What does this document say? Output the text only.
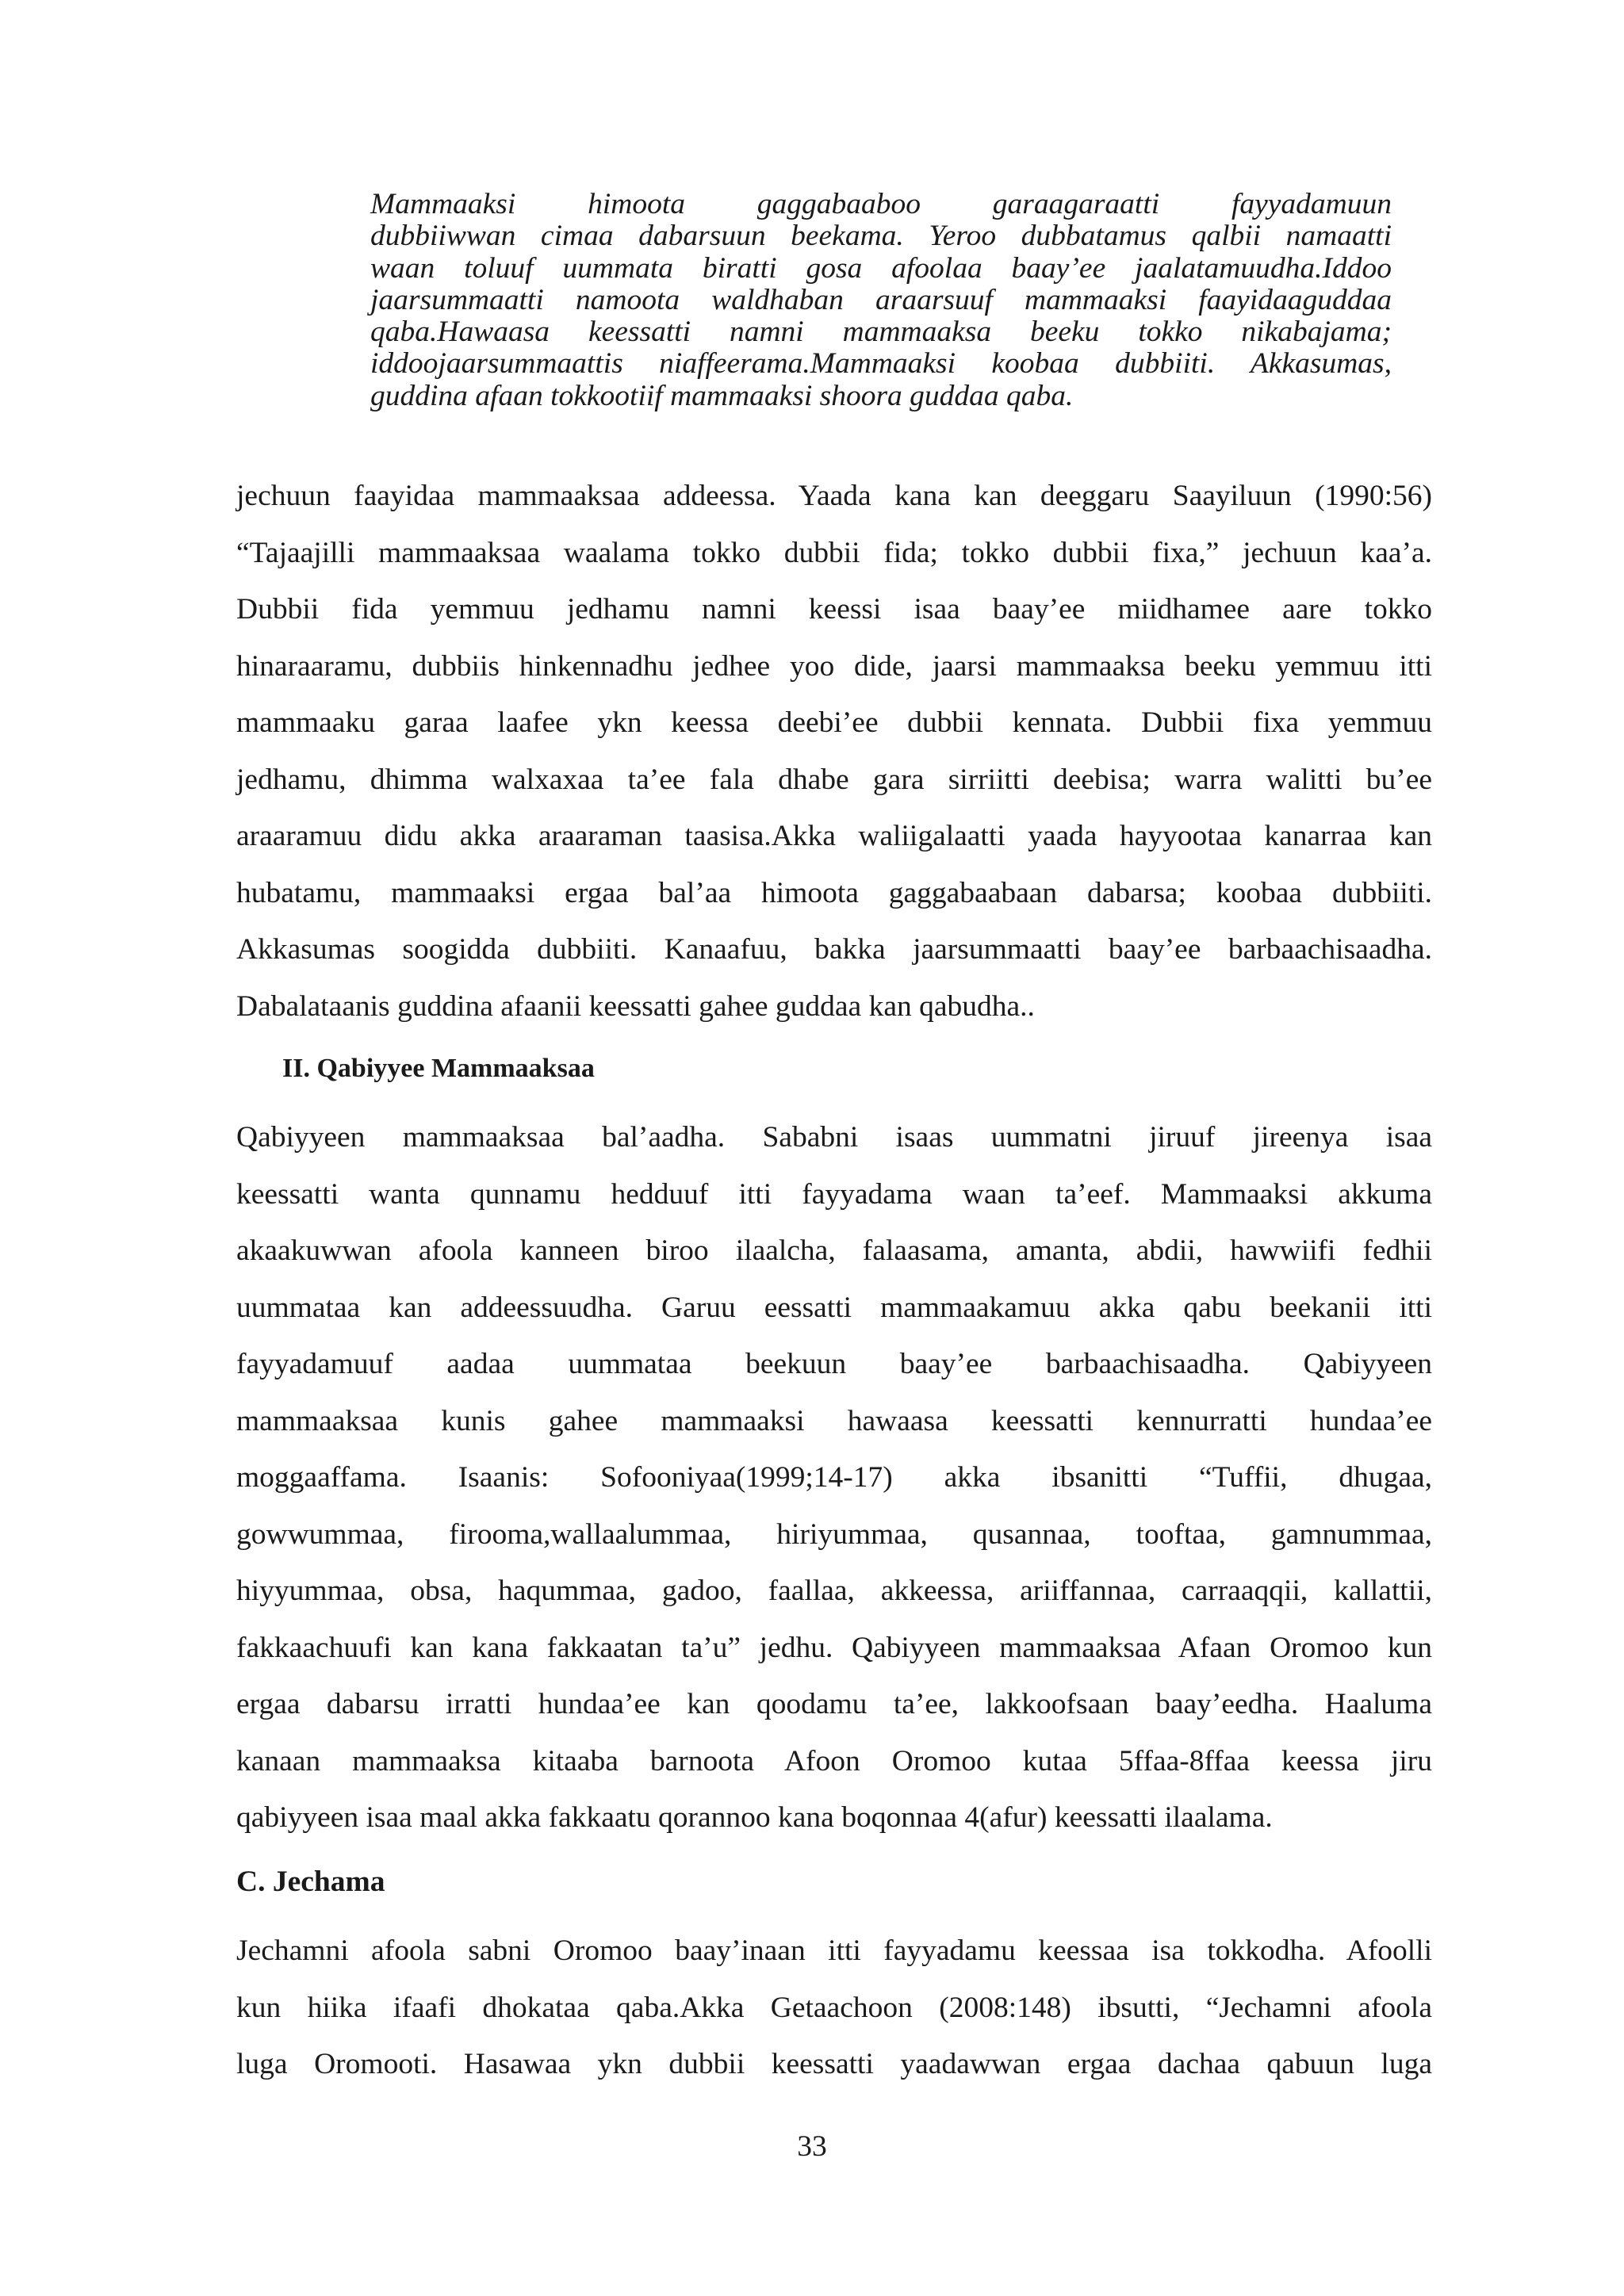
Mammaaksi himoota gaggabaaboo garaagaraatti fayyadamuun
dubbiiwwan cimaa dabarsuun beekama. Yeroo dubbatamus qalbii namaatti
waan toluuf uummata biratti gosa afoolaa baay’ee jaalatamuudha.Iddoo
jaarsummaatti namoota waldhaban araarsuuf mammaaksi faayidaaguddaa
qaba.Hawaasa keessatti namni mammaaksa beeku tokko nikabajama;
iddoojaarsummaattis niaffeerama.Mammaaksi koobaa dubbiiti. Akkasumas,
guddina afaan tokkootiif mammaaksi shoora guddaa qaba.
jechuun faayidaa mammaaksaa addeessa. Yaada kana kan deeggaru Saayiluun (1990:56)
“Tajaajilli mammaaksaa waalama tokko dubbii fida; tokko dubbii fixa,” jechuun kaa’a.
Dubbii fida yemmuu jedhamu namni keessi isaa baay’ee miidhamee aare tokko
hinaraaramu, dubbiis hinkennadhu jedhee yoo dide, jaarsi mammaaksa beeku yemmuu itti
mammaaku garaa laafee ykn keessa deebi’ee dubbii kennata. Dubbii fixa yemmuu
jedhamu, dhimma walxaxaa ta’ee fala dhabe gara sirriitti deebisa; warra walitti bu’ee
araaramuu didu akka araaraman taasisa.Akka waliigalaatti yaada hayyootaa kanarraa kan
hubatamu, mammaaksi ergaa bal’aa himoota gaggabaabaan dabarsa; koobaa dubbiiti.
Akkasumas soogidda dubbiiti. Kanaafuu, bakka jaarsummaatti baay’ee barbaachisaadha.
Dabalataanis guddina afaanii keessatti gahee guddaa kan qabudha..
II. Qabiyyee Mammaaksaa
Qabiyyeen mammaaksaa bal’aadha. Sababni isaas uummatni jiruuf jireenya isaa
keessatti wanta qunnamu hedduuf itti fayyadama waan ta’eef. Mammaaksi akkuma
akaakuwwan afoola kanneen biroo ilaalcha, falaasama, amanta, abdii, hawwiifi fedhii
uummataa kan addeessuudha. Garuu eessatti mammaakamuu akka qabu beekanii itti
fayyadamuuf aadaa uummataa beekuun baay’ee barbaachisaadha. Qabiyyeen
mammaaksaa kunis gahee mammaaksi hawaasa keessatti kennurratti hundaa’ee
moggaaffama. Isaanis: Sofooniyaa(1999;14-17) akka ibsanitti “Tuffii, dhugaa,
gowwummaa, firooma,wallaalummaa, hiriyummaa, qusannaa, tooftaa, gamnummaa,
hiyyummaa, obsa, haqummaa, gadoo, faallaa, akkeessa, ariiffannaa, carraaqqii, kallattii,
fakkaachuufi kan kana fakkaatan ta’u” jedhu. Qabiyyeen mammaaksaa Afaan Oromoo kun
ergaa dabarsu irratti hundaa’ee kan qoodamu ta’ee, lakkoofsaan baay’eedha. Haaluma
kanaan mammaaksa kitaaba barnoota Afoon Oromoo kutaa 5ffaa-8ffaa keessa jiru
qabiyyeen isaa maal akka fakkaatu qorannoo kana boqonnaa 4(afur) keessatti ilaalama.
C. Jechama
Jechamni afoola sabni Oromoo baay’inaan itti fayyadamu keessaa isa tokkodha. Afoolli
kun hiika ifaafi dhokataa qaba.Akka Getaachoon (2008:148) ibsutti, “Jechamni afoola
luga Oromooti. Hasawaa ykn dubbii keessatti yaadawwan ergaa dachaa qabuun luga
33
